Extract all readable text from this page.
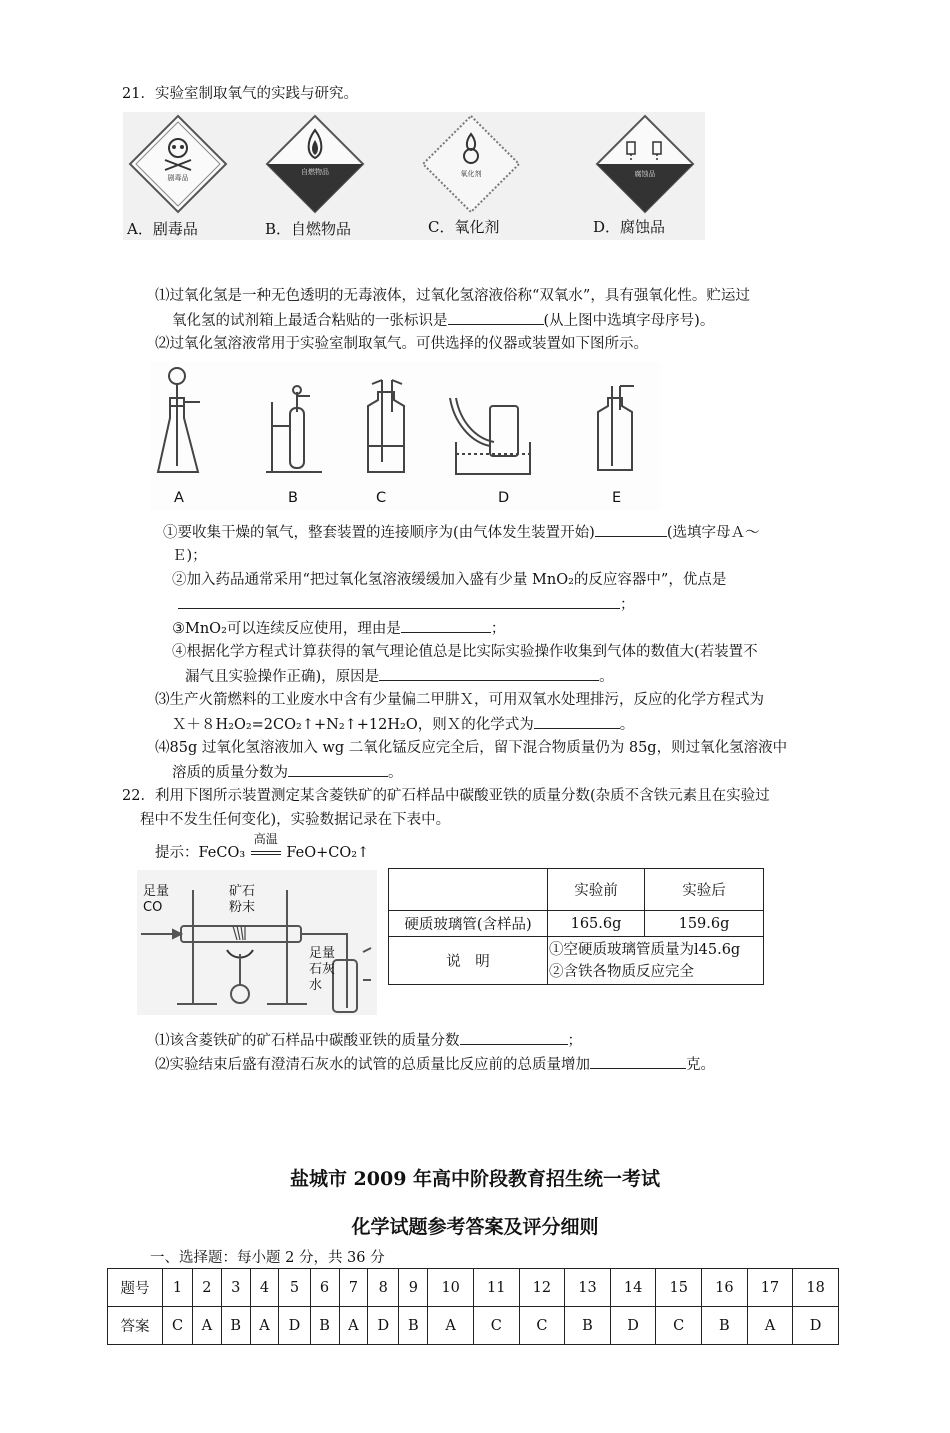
21．实验室制取氧气的实践与研究。
剧毒品
自燃物品	氧化剂	腐蚀品
A．剧毒品	B．自燃物品	C．氧化剂	D．腐蚀品
⑴过氧化氢是一种无色透明的无毒液体，过氧化氢溶液俗称“双氧水”，具有强氧化性。贮运过
氧化氢的试剂箱上最适合粘贴的一张标识是	(从上图中选填字母序号)。
⑵过氧化氢溶液常用于实验室制取氧气。可供选择的仪器或装置如下图所示。
A	B	C	D	E
①要收集干燥的氧气，整套装置的连接顺序为(由气体发生装置开始)	(选填字母Ａ～
Ｅ)；
②加入药品通常采用“把过氧化氢溶液缓缓加入盛有少量 MnO₂的反应容器中”，优点是
；
③MnO₂可以连续反应使用，理由是	；
④根据化学方程式计算获得的氧气理论值总是比实际实验操作收集到气体的数值大(若装置不
漏气且实验操作正确)，原因是	。
⑶生产火箭燃料的工业废水中含有少量偏二甲肼Ｘ，可用双氧水处理排污，反应的化学方程式为
Ｘ＋８H₂O₂=2CO₂↑+N₂↑+12H₂O，则Ｘ的化学式为	。
⑷85g 过氧化氢溶液加入 wg 二氧化锰反应完全后，留下混合物质量仍为 85g，则过氧化氢溶液中
溶质的质量分数为	。
22．利用下图所示装置测定某含菱铁矿的矿石样品中碳酸亚铁的质量分数(杂质不含铁元素且在实验过
程中不发生任何变化)，实验数据记录在下表中。
提示：FeCO₃
高温
FeO+CO₂↑
足量
CO
矿石
粉末
足量
石灰
水
	实验前	实验后
硬质玻璃管(含样品)	165.6g	159.6g
说　明	①空硬质玻璃管质量为l45.6g
②含铁各物质反应完全	
⑴该含菱铁矿的矿石样品中碳酸亚铁的质量分数	；
⑵实验结束后盛有澄清石灰水的试管的总质量比反应前的总质量增加	克。
盐城市 2009 年高中阶段教育招生统一考试
化学试题参考答案及评分细则
一、选择题：每小题 2 分，共 36 分
题号	1	2	3	4	5	6	7	8	9	10	11	12	13	14	15	16	17	18
答案	C	A	B	A	D	B	A	D	B	A	C	C	B	D	C	B	A	D
